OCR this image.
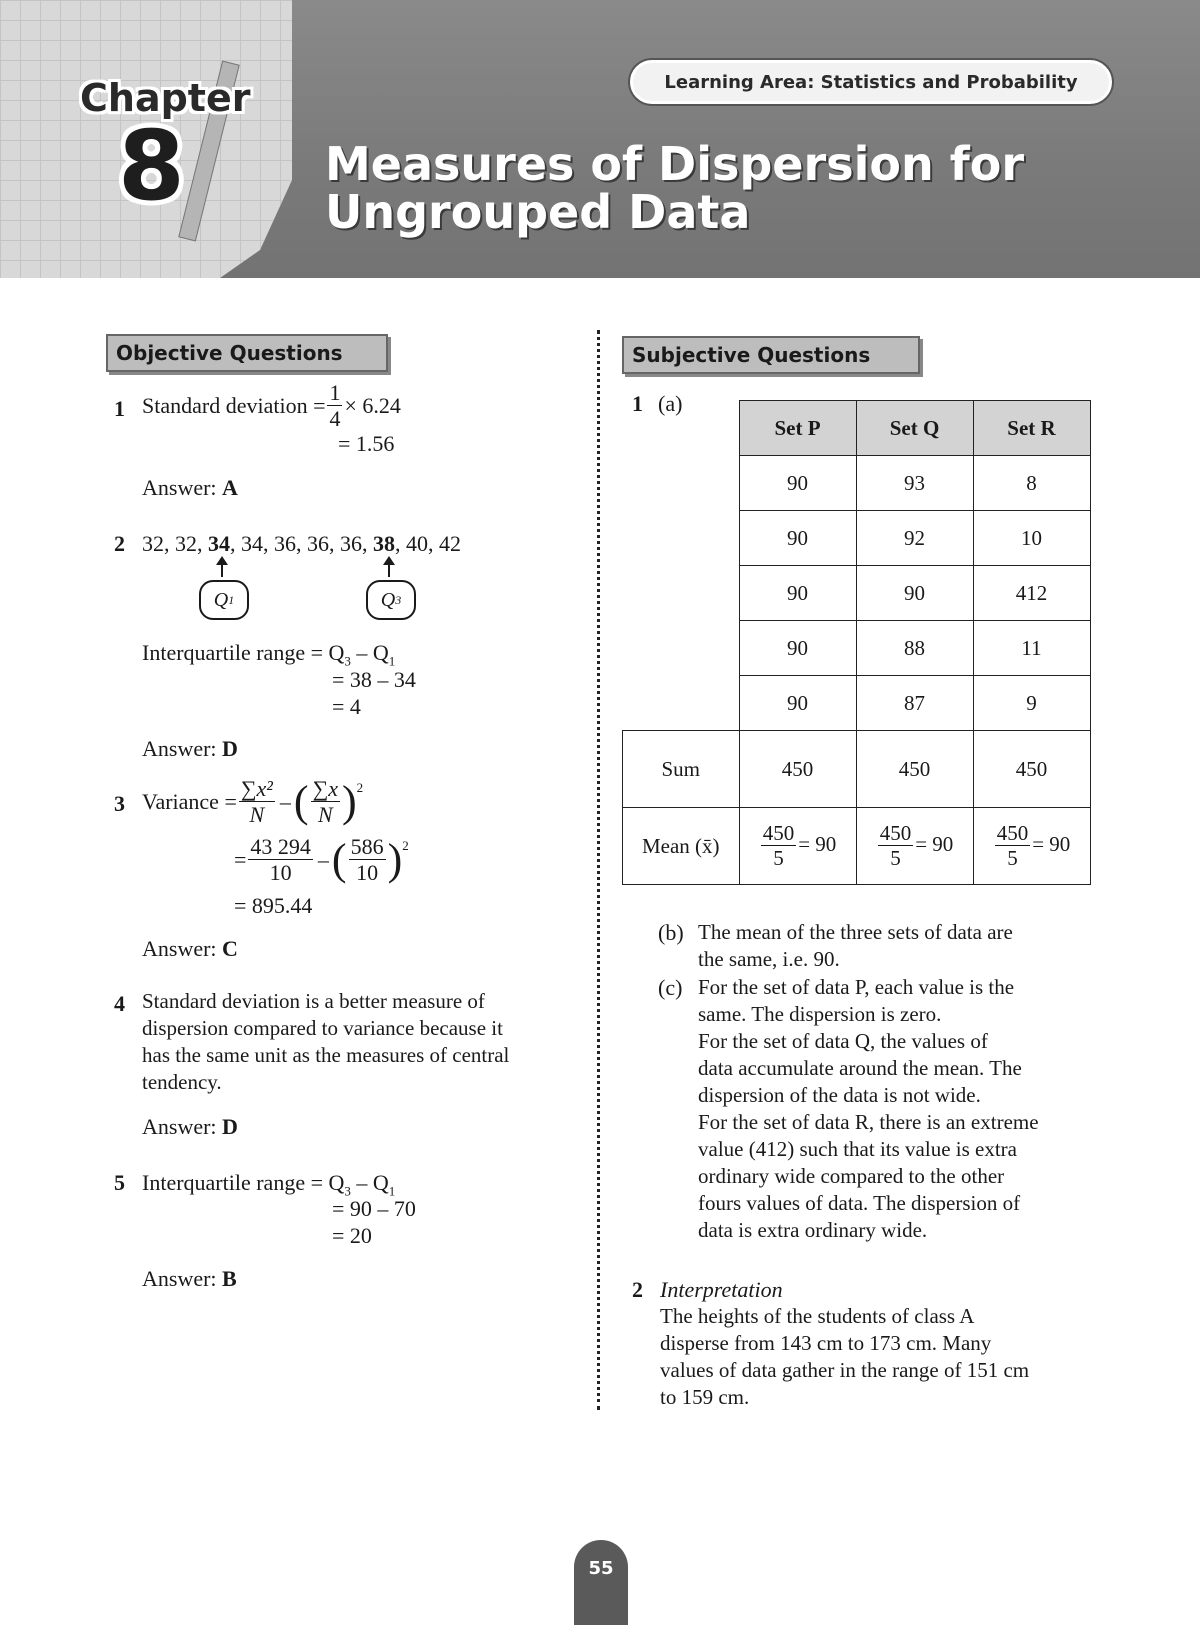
Chapter
8
Learning Area: Statistics and Probability
Measures of Dispersion for
Ungrouped Data
Objective Questions	Subjective Questions
1 Standard deviation = $\frac{1}{4} \times 6.24$
= 1.56
Answer: A
2 32, 32, 34, 34, 36, 36, 36, 38, 40, 42
Q 1	Q 3
Interquartile range = $Q_3 - Q_1$
= 38 – 34
= 4
Answer: D
3 Variance = $\frac{\text{∑x²}}{N}$ – ( $\frac{\sum x}{N} )^2$
= $\frac{43 294}{10}$ – ( $\frac{586}{10} )^2$
= 895.44
Answer: C
4 Standard deviation is a better measure of
dispersion compared to variance because it
has the same unit as the measures of central
tendency.
Answer: D
5 Interquartile range = $Q_3 - Q_1$
= 90 – 70
= 20
Answer: B
1 (a)
	Set P	Set Q	Set R
	90	93	8
	90	92	10
	90	90	412
	90	88	11
	90	87	9
Sum	450	450	450
Mean (x̄)	$\frac{450}{5} = 90$	$\frac{450}{5} = 90$	$\frac{450}{5} = 90$
(b) The mean of the three sets of data are
the same, i.e. 90.
(c) For the set of data P, each value is the
same. The dispersion is zero.
For the set of data Q, the values of
data accumulate around the mean. The
dispersion of the data is not wide.
For the set of data R, there is an extreme
value (412) such that its value is extra
ordinary wide compared to the other
fours values of data. The dispersion of
data is extra ordinary wide.
2 Interpretation
The heights of the students of class A
disperse from 143 cm to 173 cm. Many
values of data gather in the range of 151 cm
to 159 cm.
55
